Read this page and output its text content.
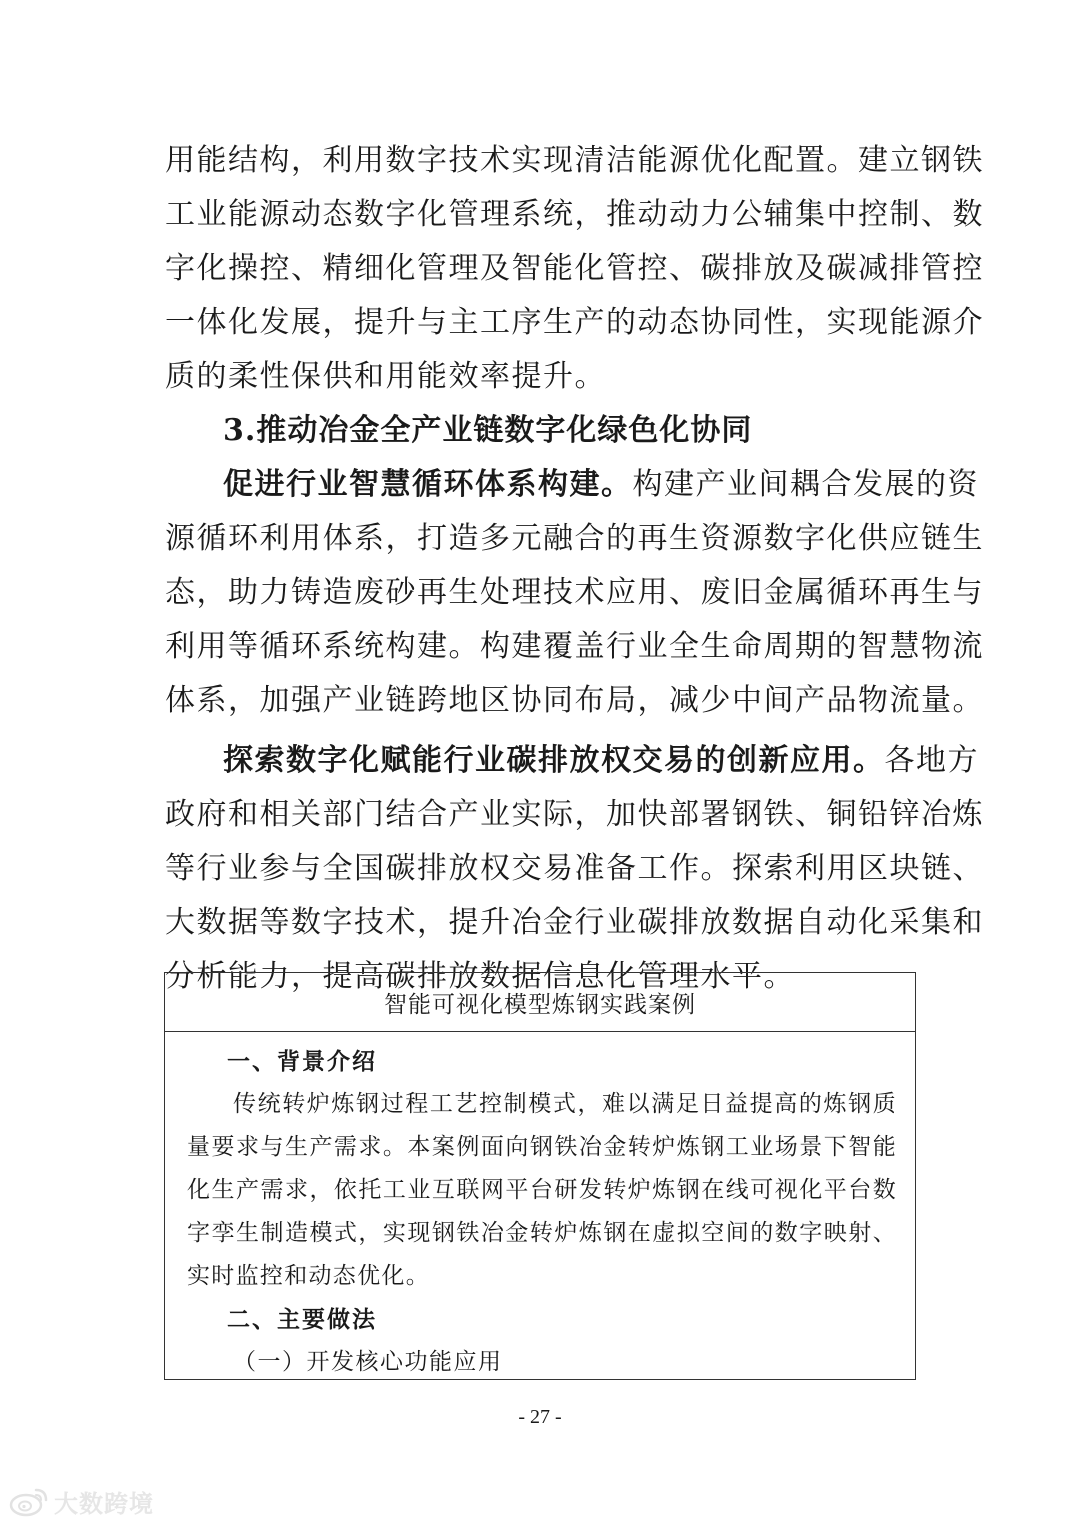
用能结构，利用数字技术实现清洁能源优化配置。建立钢铁
工业能源动态数字化管理系统，推动动力公辅集中控制、数
字化操控、精细化管理及智能化管控、碳排放及碳减排管控
一体化发展，提升与主工序生产的动态协同性，实现能源介
质的柔性保供和用能效率提升。
3.推动冶金全产业链数字化绿色化协同
促进行业智慧循环体系构建。构建产业间耦合发展的资
源循环利用体系，打造多元融合的再生资源数字化供应链生
态，助力铸造废砂再生处理技术应用、废旧金属循环再生与
利用等循环系统构建。构建覆盖行业全生命周期的智慧物流
体系，加强产业链跨地区协同布局，减少中间产品物流量。
探索数字化赋能行业碳排放权交易的创新应用。各地方
政府和相关部门结合产业实际，加快部署钢铁、铜铅锌冶炼
等行业参与全国碳排放权交易准备工作。探索利用区块链、
大数据等数字技术，提升冶金行业碳排放数据自动化采集和
分析能力，提高碳排放数据信息化管理水平。
智能可视化模型炼钢实践案例
一、背景介绍
传统转炉炼钢过程工艺控制模式，难以满足日益提高的炼钢质
量要求与生产需求。本案例面向钢铁冶金转炉炼钢工业场景下智能
化生产需求，依托工业互联网平台研发转炉炼钢在线可视化平台数
字孪生制造模式，实现钢铁冶金转炉炼钢在虚拟空间的数字映射、
实时监控和动态优化。
二、主要做法
（一）开发核心功能应用
- 27 -
大数跨境
